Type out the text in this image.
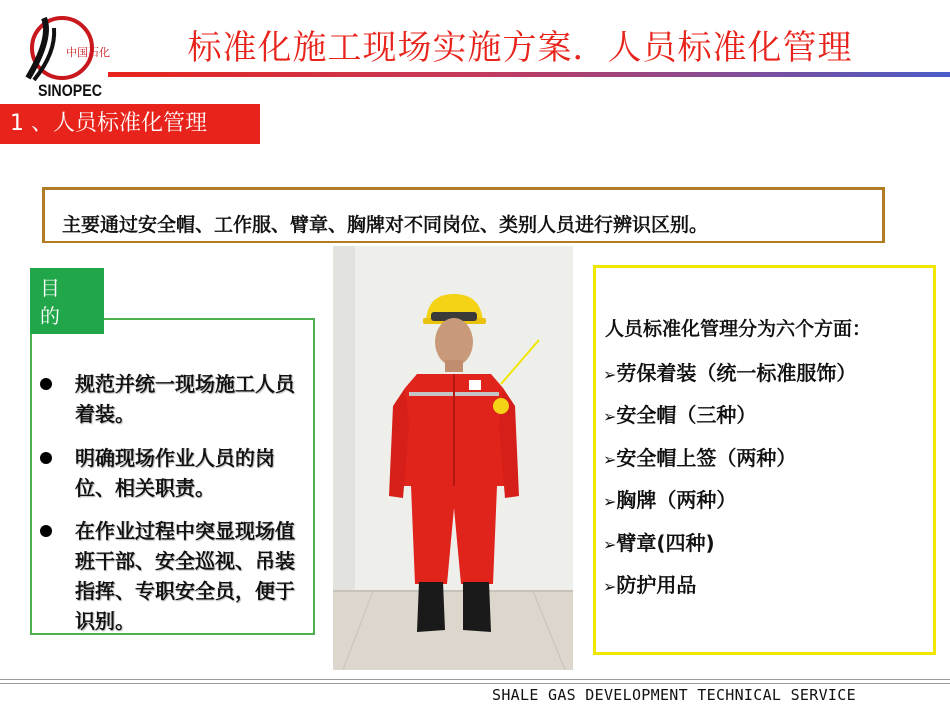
中国石化
SINOPEC
标准化施工现场实施方案．人员标准化管理
1 、人员标准化管理
主要通过安全帽、工作服、臂章、胸牌对不同岗位、类别人员进行辨识区别。
目
的
规范并统一现场施工人员着装。
明确现场作业人员的岗位、相关职责。
在作业过程中突显现场值班干部、安全巡视、吊装指挥、专职安全员，便于识别。
人员标准化管理分为六个方面：
➢劳保着装（统一标准服饰）
➢安全帽（三种）
➢安全帽上签（两种）
➢胸牌（两种）
➢臂章(四种)
➢防护用品
SHALE GAS DEVELOPMENT TECHNICAL SERVICE
